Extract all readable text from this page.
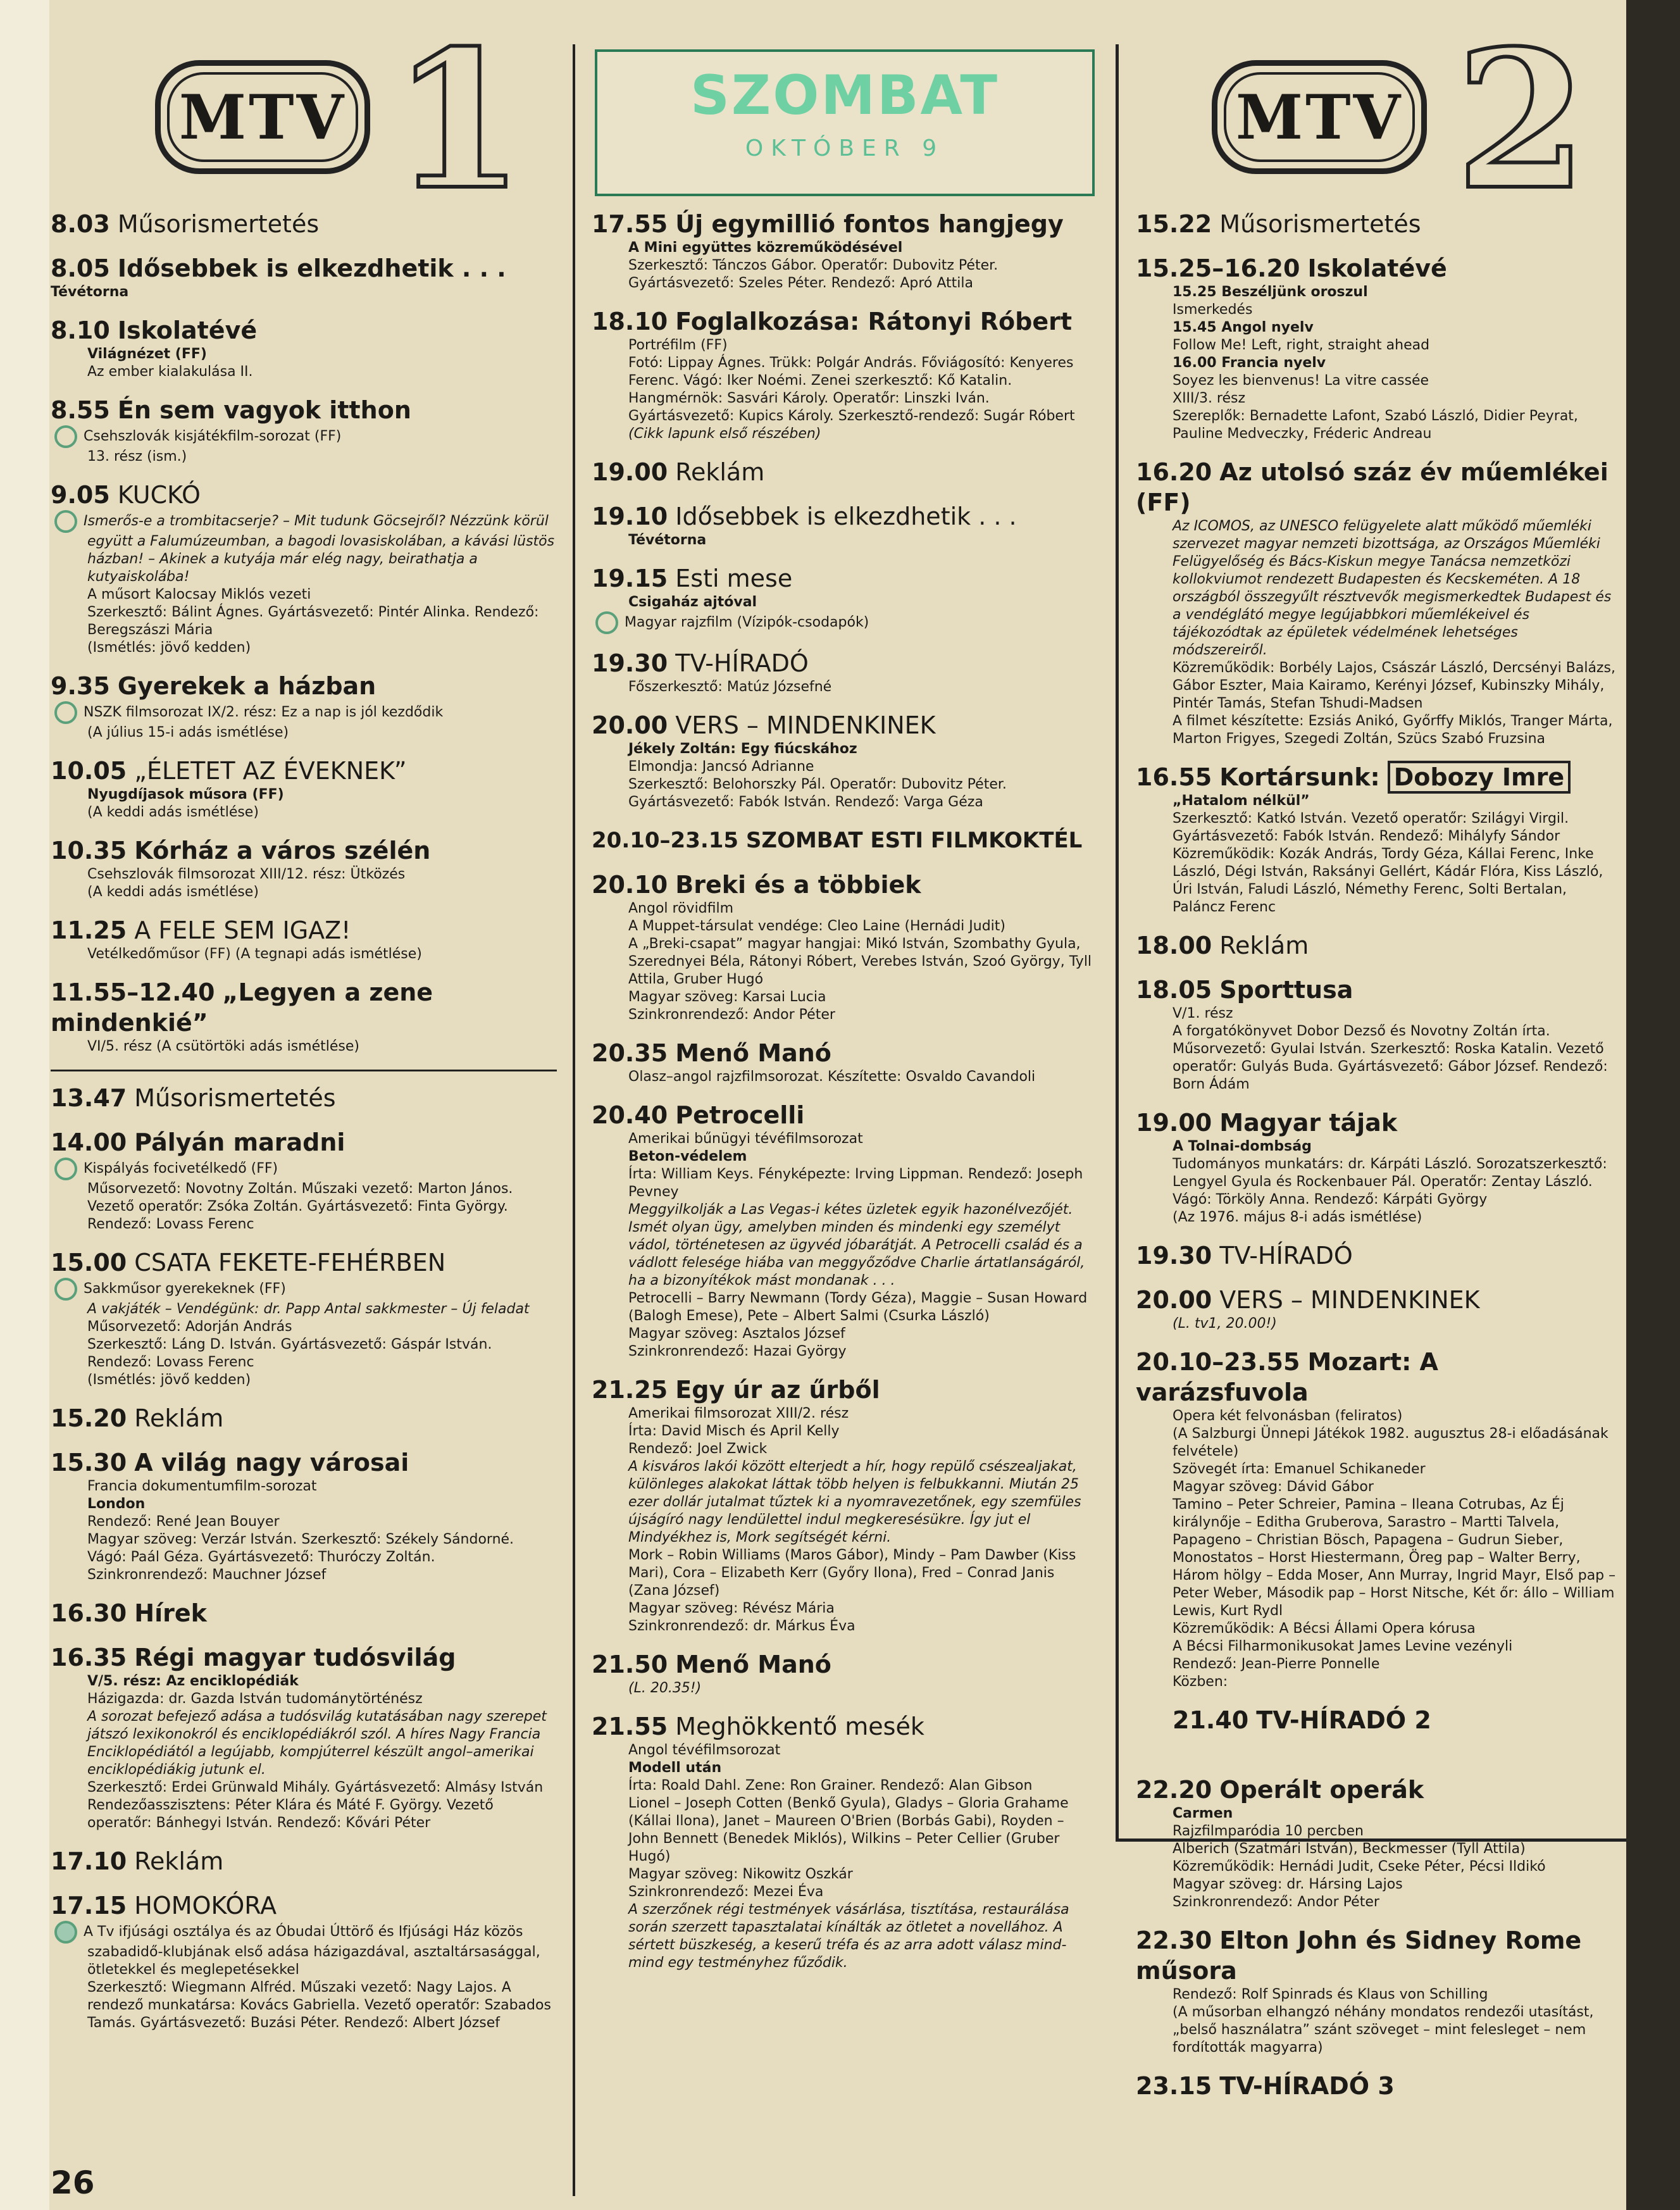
MTV 1	SZOMBAT
OKTÓBER 9	MTV 2
8.03 Műsorismertetés
8.05 Idősebbek is elkezdhetik . . .
Tévétorna
8.10 Iskolatévé
Világnézet (FF)
Az ember kialakulása II.
8.55 Én sem vagyok itthon
Csehszlovák kisjátékfilm-sorozat (FF)
13. rész (ism.)
9.05 KUCKÓ
Ismerős-e a trombitacserje? – Mit tudunk Göcsejről? Nézzünk körül együtt a Falumúzeumban, a bagodi lovasiskolában, a kávási lüstös házban! – Akinek a kutyája már elég nagy, beirathatja a kutyaiskolába!
A műsort Kalocsay Miklós vezeti
Szerkesztő: Bálint Ágnes. Gyártásvezető: Pintér Alinka. Rendező: Beregszászi Mária
(Ismétlés: jövő kedden)
9.35 Gyerekek a házban
NSZK filmsorozat IX/2. rész: Ez a nap is jól kezdődik
(A július 15-i adás ismétlése)
10.05 „ÉLETET AZ ÉVEKNEK”
Nyugdíjasok műsora (FF)
(A keddi adás ismétlése)
10.35 Kórház a város szélén
Csehszlovák filmsorozat XIII/12. rész: Ütközés
(A keddi adás ismétlése)
11.25 A FELE SEM IGAZ!
Vetélkedőműsor (FF) (A tegnapi adás ismétlése)
11.55–12.40 „Legyen a zene mindenkié”
VI/5. rész (A csütörtöki adás ismétlése)
13.47 Műsorismertetés
14.00 Pályán maradni
Kispályás focivetélkedő (FF)
Műsorvezető: Novotny Zoltán. Műszaki vezető: Marton János. Vezető operatőr: Zsóka Zoltán. Gyártásvezető: Finta György. Rendező: Lovass Ferenc
15.00 CSATA FEKETE-FEHÉRBEN
Sakkműsor gyerekeknek (FF)
A vakjáték – Vendégünk: dr. Papp Antal sakkmester – Új feladat
Műsorvezető: Adorján András
Szerkesztő: Láng D. István. Gyártásvezető: Gáspár István. Rendező: Lovass Ferenc
(Ismétlés: jövő kedden)
15.20 Reklám
15.30 A világ nagy városai
Francia dokumentumfilm-sorozat
London
Rendező: René Jean Bouyer
Magyar szöveg: Verzár István. Szerkesztő: Székely Sándorné. Vágó: Paál Géza. Gyártásvezető: Thuróczy Zoltán. Szinkronrendező: Mauchner József
16.30 Hírek
16.35 Régi magyar tudósvilág
V/5. rész: Az enciklopédiák
Házigazda: dr. Gazda István tudománytörténész
A sorozat befejező adása a tudósvilág kutatásában nagy szerepet játszó lexikonokról és enciklopédiákról szól. A híres Nagy Francia Enciklopédiától a legújabb, kompjúterrel készült angol–amerikai enciklopédiákig jutunk el.
Szerkesztő: Erdei Grünwald Mihály. Gyártásvezető: Almásy István Rendezőasszisztens: Péter Klára és Máté F. György. Vezető operatőr: Bánhegyi István. Rendező: Kővári Péter
17.10 Reklám
17.15 HOMOKÓRA
A Tv ifjúsági osztálya és az Óbudai Úttörő és Ifjúsági Ház közös szabadidő-klubjának első adása házigazdával, asztaltársasággal, ötletekkel és meglepetésekkel
Szerkesztő: Wiegmann Alfréd. Műszaki vezető: Nagy Lajos. A rendező munkatársa: Kovács Gabriella. Vezető operatőr: Szabados Tamás. Gyártásvezető: Buzási Péter. Rendező: Albert József
17.55 Új egymillió fontos hangjegy
A Mini együttes közreműködésével
Szerkesztő: Tánczos Gábor. Operatőr: Dubovitz Péter. Gyártásvezető: Szeles Péter. Rendező: Apró Attila
18.10 Foglalkozása: Rátonyi Róbert
Portréfilm (FF)
Fotó: Lippay Ágnes. Trükk: Polgár András. Főviágosító: Kenyeres Ferenc. Vágó: Iker Noémi. Zenei szerkesztő: Kő Katalin. Hangmérnök: Sasvári Károly. Operatőr: Linszki Iván. Gyártásvezető: Kupics Károly. Szerkesztő-rendező: Sugár Róbert
(Cikk lapunk első részében)
19.00 Reklám
19.10 Idősebbek is elkezdhetik . . .
Tévétorna
19.15 Esti mese
Csigaház ajtóval
Magyar rajzfilm (Vízipók-csodapók)
19.30 TV-HÍRADÓ
Főszerkesztő: Matúz Józsefné
20.00 VERS – MINDENKINEK
Jékely Zoltán: Egy fiúcskához
Elmondja: Jancsó Adrianne
Szerkesztő: Belohorszky Pál. Operatőr: Dubovitz Péter. Gyártásvezető: Fabók István. Rendező: Varga Géza
20.10–23.15 SZOMBAT ESTI FILMKOKTÉL
20.10 Breki és a többiek
Angol rövidfilm
A Muppet-társulat vendége: Cleo Laine (Hernádi Judit)
A „Breki-csapat” magyar hangjai: Mikó István, Szombathy Gyula, Szerednyei Béla, Rátonyi Róbert, Verebes István, Szoó György, Tyll Attila, Gruber Hugó
Magyar szöveg: Karsai Lucia
Szinkronrendező: Andor Péter
20.35 Menő Manó
Olasz–angol rajzfilmsorozat. Készítette: Osvaldo Cavandoli
20.40 Petrocelli
Amerikai bűnügyi tévéfilmsorozat
Beton-védelem
Írta: William Keys. Fényképezte: Irving Lippman. Rendező: Joseph Pevney
Meggyilkolják a Las Vegas-i kétes üzletek egyik hazonélvezőjét. Ismét olyan ügy, amelyben minden és mindenki egy személyt vádol, történetesen az ügyvéd jóbarátját. A Petrocelli család és a vádlott felesége hiába van meggyőződve Charlie ártatlanságáról, ha a bizonyítékok mást mondanak . . .
Petrocelli – Barry Newmann (Tordy Géza), Maggie – Susan Howard (Balogh Emese), Pete – Albert Salmi (Csurka László)
Magyar szöveg: Asztalos József
Szinkronrendező: Hazai György
21.25 Egy úr az űrből
Amerikai filmsorozat XIII/2. rész
Írta: David Misch és April Kelly
Rendező: Joel Zwick
A kisváros lakói között elterjedt a hír, hogy repülő csészealjakat, különleges alakokat láttak több helyen is felbukkanni. Miután 25 ezer dollár jutalmat tűztek ki a nyomravezetőnek, egy szemfüles újságíró nagy lendülettel indul megkeresésükre. Így jut el Mindyékhez is, Mork segítségét kérni.
Mork – Robin Williams (Maros Gábor), Mindy – Pam Dawber (Kiss Mari), Cora – Elizabeth Kerr (Győry Ilona), Fred – Conrad Janis (Zana József)
Magyar szöveg: Révész Mária
Szinkronrendező: dr. Márkus Éva
21.50 Menő Manó
(L. 20.35!)
21.55 Meghökkentő mesék
Angol tévéfilmsorozat
Modell után
Írta: Roald Dahl. Zene: Ron Grainer. Rendező: Alan Gibson
Lionel – Joseph Cotten (Benkő Gyula), Gladys – Gloria Grahame (Kállai Ilona), Janet – Maureen O'Brien (Borbás Gabi), Royden – John Bennett (Benedek Miklós), Wilkins – Peter Cellier (Gruber Hugó)
Magyar szöveg: Nikowitz Oszkár
Szinkronrendező: Mezei Éva
A szerzőnek régi testmények vásárlása, tisztítása, restaurálása során szerzett tapasztalatai kínálták az ötletet a novellához. A sértett büszkeség, a keserű tréfa és az arra adott válasz mind-mind egy testményhez fűződik.
15.22 Műsorismertetés
15.25–16.20 Iskolatévé
15.25 Beszéljünk oroszul
Ismerkedés
15.45 Angol nyelv
Follow Me! Left, right, straight ahead
16.00 Francia nyelv
Soyez les bienvenus! La vitre cassée
XIII/3. rész
Szereplők: Bernadette Lafont, Szabó László, Didier Peyrat, Pauline Medveczky, Fréderic Andreau
16.20 Az utolsó száz év műemlékei (FF)
Az ICOMOS, az UNESCO felügyelete alatt működő műemléki szervezet magyar nemzeti bizottsága, az Országos Műemléki Felügyelőség és Bács-Kiskun megye Tanácsa nemzetközi kollokviumot rendezett Budapesten és Kecskeméten. A 18 országból összegyűlt résztvevők megismerkedtek Budapest és a vendéglátó megye legújabbkori műemlékeivel és tájékozódtak az épületek védelmének lehetséges módszereiről.
Közreműködik: Borbély Lajos, Császár László, Dercsényi Balázs, Gábor Eszter, Maia Kairamo, Kerényi József, Kubinszky Mihály, Pintér Tamás, Stefan Tshudi-Madsen
A filmet készítette: Ezsiás Anikó, Győrffy Miklós, Tranger Márta, Marton Frigyes, Szegedi Zoltán, Szücs Szabó Fruzsina
16.55 Kortársunk: Dobozy Imre
„Hatalom nélkül”
Szerkesztő: Katkó István. Vezető operatőr: Szilágyi Virgil. Gyártásvezető: Fabók István. Rendező: Mihályfy Sándor
Közreműködik: Kozák András, Tordy Géza, Kállai Ferenc, Inke László, Dégi István, Raksányi Gellért, Kádár Flóra, Kiss László, Úri István, Faludi László, Némethy Ferenc, Solti Bertalan, Paláncz Ferenc
18.00 Reklám
18.05 Sporttusa
V/1. rész
A forgatókönyvet Dobor Dezső és Novotny Zoltán írta. Műsorvezető: Gyulai István. Szerkesztő: Roska Katalin. Vezető operatőr: Gulyás Buda. Gyártásvezető: Gábor József. Rendező: Born Ádám
19.00 Magyar tájak
A Tolnai-dombság
Tudományos munkatárs: dr. Kárpáti László. Sorozatszerkesztő: Lengyel Gyula és Rockenbauer Pál. Operatőr: Zentay László. Vágó: Törköly Anna. Rendező: Kárpáti György
(Az 1976. május 8-i adás ismétlése)
19.30 TV-HÍRADÓ
20.00 VERS – MINDENKINEK
(L. tv1, 20.00!)
20.10–23.55 Mozart: A varázsfuvola
Opera két felvonásban (feliratos)
(A Salzburgi Ünnepi Játékok 1982. augusztus 28-i előadásának felvétele)
Szövegét írta: Emanuel Schikaneder
Magyar szöveg: Dávid Gábor
Tamino – Peter Schreier, Pamina – Ileana Cotrubas, Az Éj királynője – Editha Gruberova, Sarastro – Martti Talvela, Papageno – Christian Bösch, Papagena – Gudrun Sieber, Monostatos – Horst Hiestermann, Öreg pap – Walter Berry, Három hölgy – Edda Moser, Ann Murray, Ingrid Mayr, Első pap – Peter Weber, Második pap – Horst Nitsche, Két őr: állo – William Lewis, Kurt Rydl
Közreműködik: A Bécsi Állami Opera kórusa
A Bécsi Filharmonikusokat James Levine vezényli
Rendező: Jean-Pierre Ponnelle
Közben:
21.40 TV-HÍRADÓ 2
22.20 Operált operák
Carmen
Rajzfilmparódia 10 percben
Alberich (Szatmári István), Beckmesser (Tyll Attila)
Közreműködik: Hernádi Judit, Cseke Péter, Pécsi Ildikó
Magyar szöveg: dr. Hársing Lajos
Szinkronrendező: Andor Péter
22.30 Elton John és Sidney Rome műsora
Rendező: Rolf Spinrads és Klaus von Schilling
(A műsorban elhangzó néhány mondatos rendezői utasítást, „belső használatra” szánt szöveget – mint felesleget – nem fordították magyarra)
23.15 TV-HÍRADÓ 3
26
